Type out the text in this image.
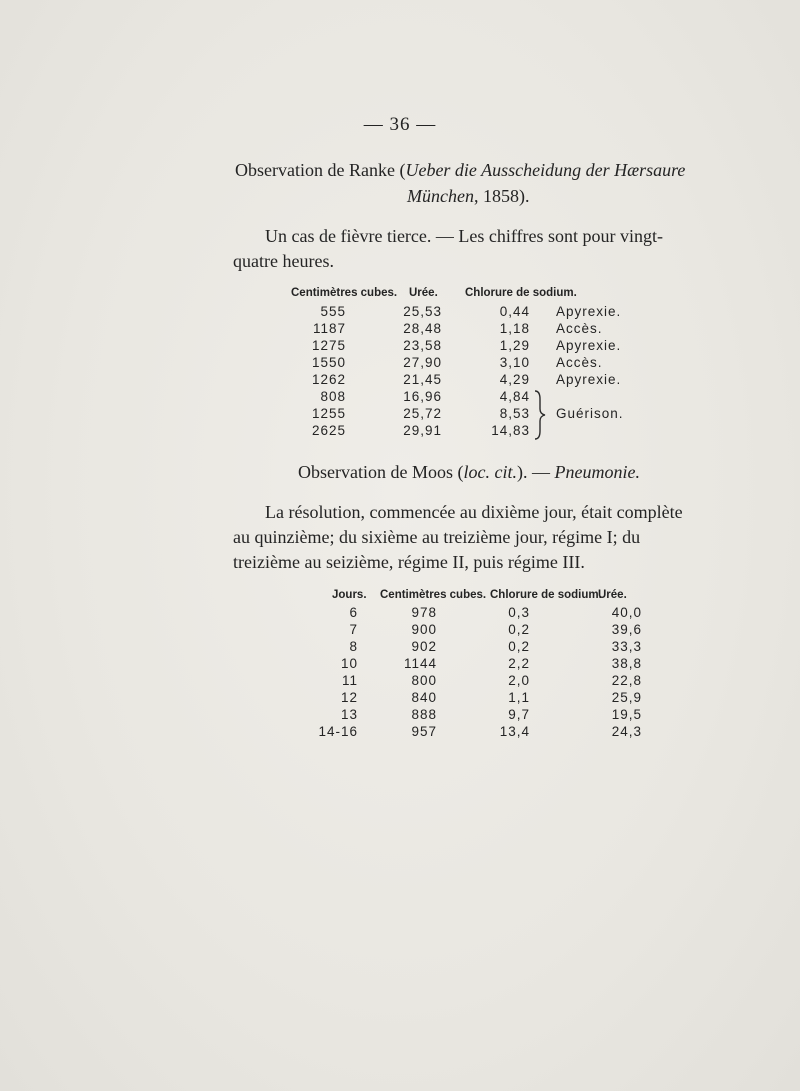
— 36 —
Observation de Ranke (Ueber die Ausscheidung der Hærsaure
München, 1858).
Un cas de fièvre tierce. — Les chiffres sont pour vingt-
quatre heures.
Centimètres cubes. Urée. Chlorure de sodium.
555	25,53	0,44 Apyrexie.
1187	28,48	1,18 Accès.
1275	23,58	1,29 Apyrexie.
1550	27,90	3,10 Accès.
1262	21,45	4,29 Apyrexie.
808	16,96	4,84
1255	25,72	8,53
2625	29,91	14,83
Guérison.
Observation de Moos (loc. cit.). — Pneumonie.
La résolution, commencée au dixième jour, était complète
au quinzième; du sixième au treizième jour, régime I; du
treizième au seizième, régime II, puis régime III.
Jours. Centimètres cubes. Chlorure de sodium.
Urée.
6	978	0,3	40,0
7	900	0,2	39,6
8	902	0,2	33,3
10	1144	2,2	38,8
11	800	2,0	22,8
12	840	1,1	25,9
13	888	9,7	19,5
14-16	957	13,4	24,3
